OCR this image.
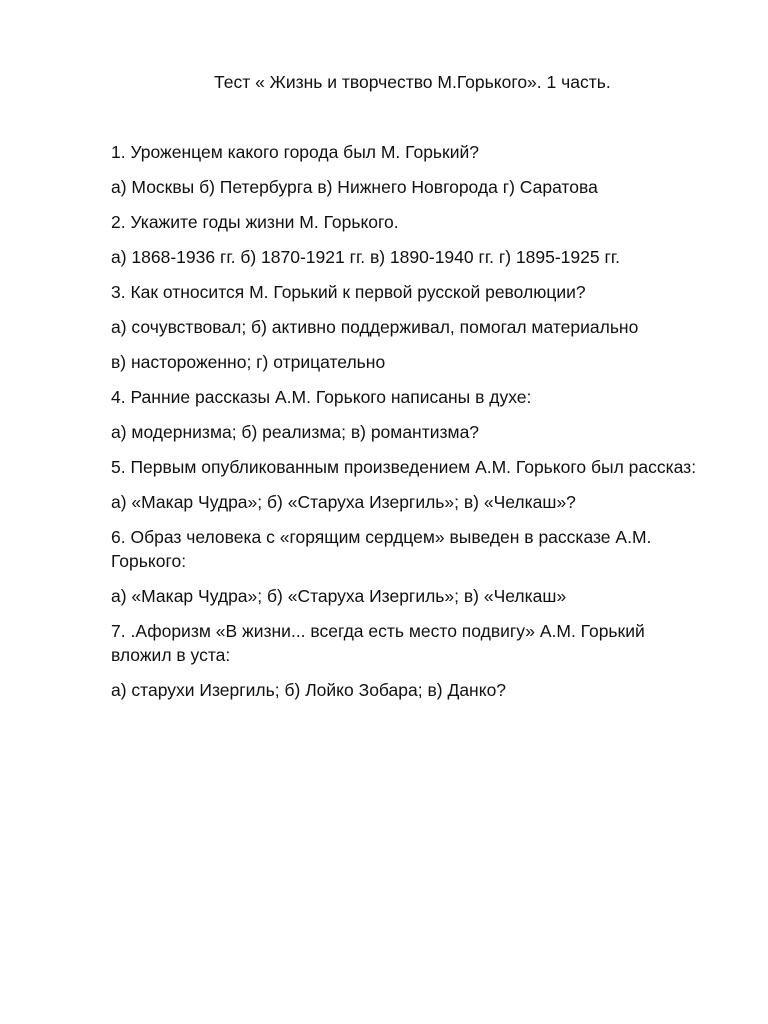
Тест « Жизнь и творчество М.Горького». 1 часть.

1. Уроженцем какого города был М. Горький?

а) Москвы б) Петербурга в) Нижнего Новгорода г) Саратова

2. Укажите годы жизни М. Горького.

а) 1868-1936 гг. б) 1870-1921 гг. в) 1890-1940 гг. г) 1895-1925 гг.

3. Как относится М. Горький к первой русской революции?

а) сочувствовал; б) активно поддерживал, помогал материально

в) настороженно; г) отрицательно

4. Ранние рассказы А.М. Горького написаны в духе:

а) модернизма; б) реализма; в) романтизма?

5. Первым опубликованным произведением А.М. Горького был рассказ:

а) «Макар Чудра»; б) «Старуха Изергиль»; в) «Челкаш»?

6. Образ человека с «горящим сердцем» выведен в рассказе А.М. Горького:

а) «Макар Чудра»; б) «Старуха Изергиль»; в) «Челкаш»

7. .Афоризм «В жизни... всегда есть место подвигу» А.М. Горький вложил в уста:

а) старухи Изергиль; б) Лойко Зобара; в) Данко?
